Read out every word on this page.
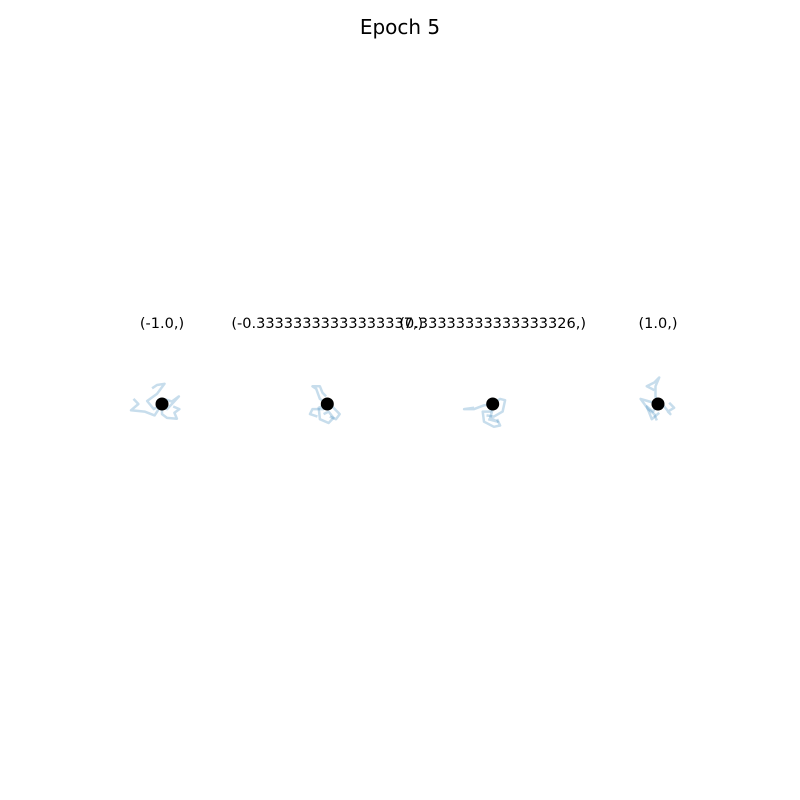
Epoch 5
(-1.0,)	(-0.33333333333333337,)
(0.33333333333333326,)	(1.0,)
